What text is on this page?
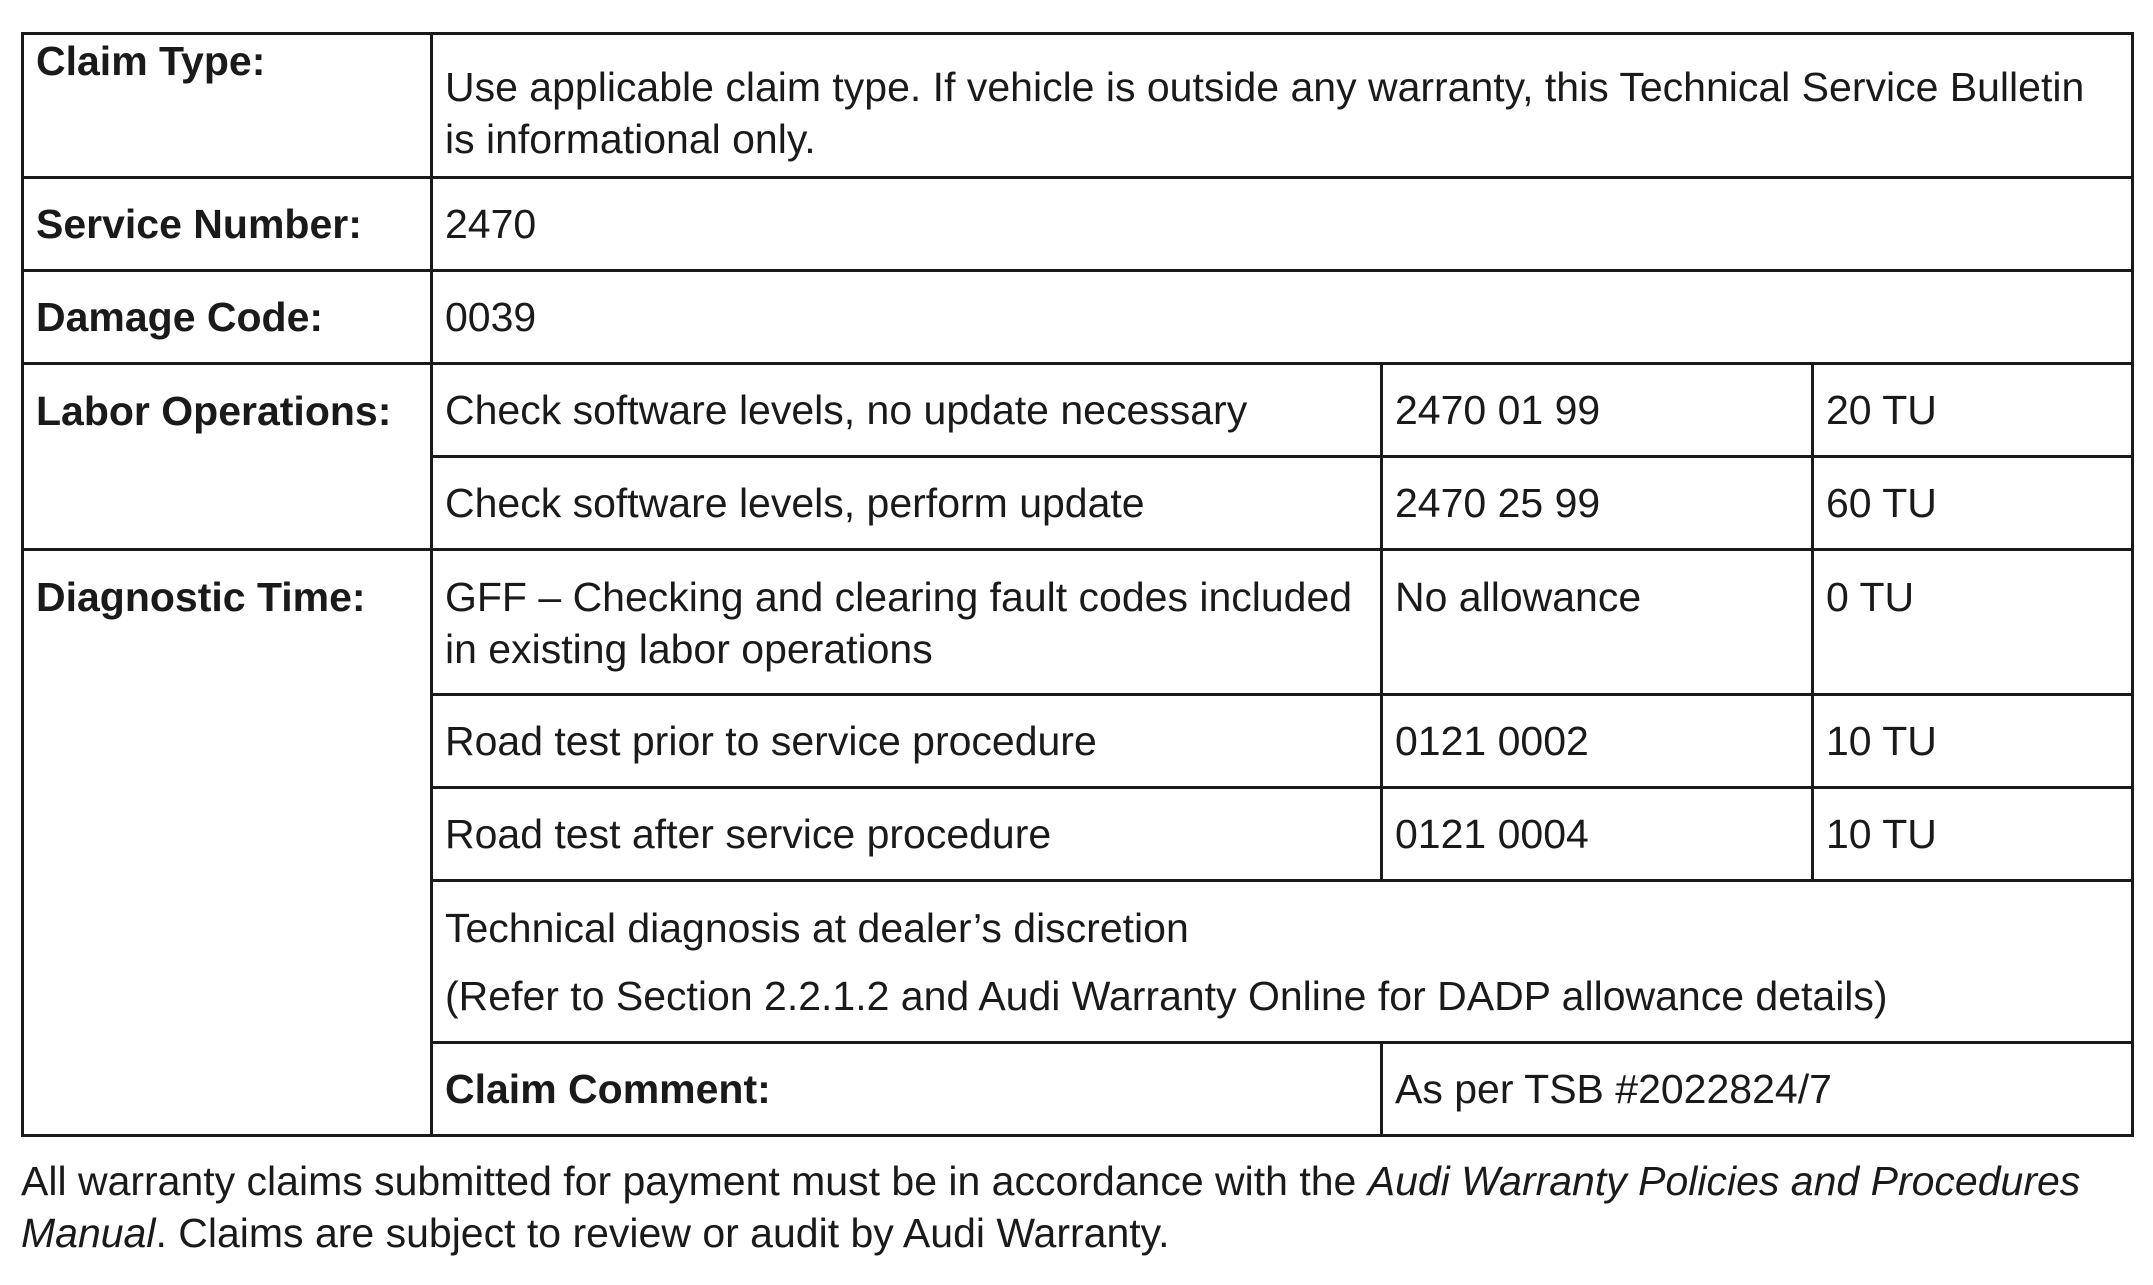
Claim Type:	Use applicable claim type. If vehicle is outside any warranty, this Technical Service Bulletin is informational only.		
Service Number:	2470		
Damage Code:	0039		
Labor Operations:	Check software levels, no update necessary	2470 01 99	20 TU
	Check software levels, perform update	2470 25 99	60 TU
Diagnostic Time:	GFF – Checking and clearing fault codes included in existing labor operations	No allowance	0 TU
	Road test prior to service procedure	0121 0002	10 TU
	Road test after service procedure	0121 0004	10 TU

	Technical diagnosis at dealer’s discretion
(Refer to Section 2.2.1.2 and Audi Warranty Online for DADP allowance details)		

	Claim Comment:	As per TSB #2022824/7	

All warranty claims submitted for payment must be in accordance with the Audi Warranty Policies and Procedures Manual. Claims are subject to review or audit by Audi Warranty.
